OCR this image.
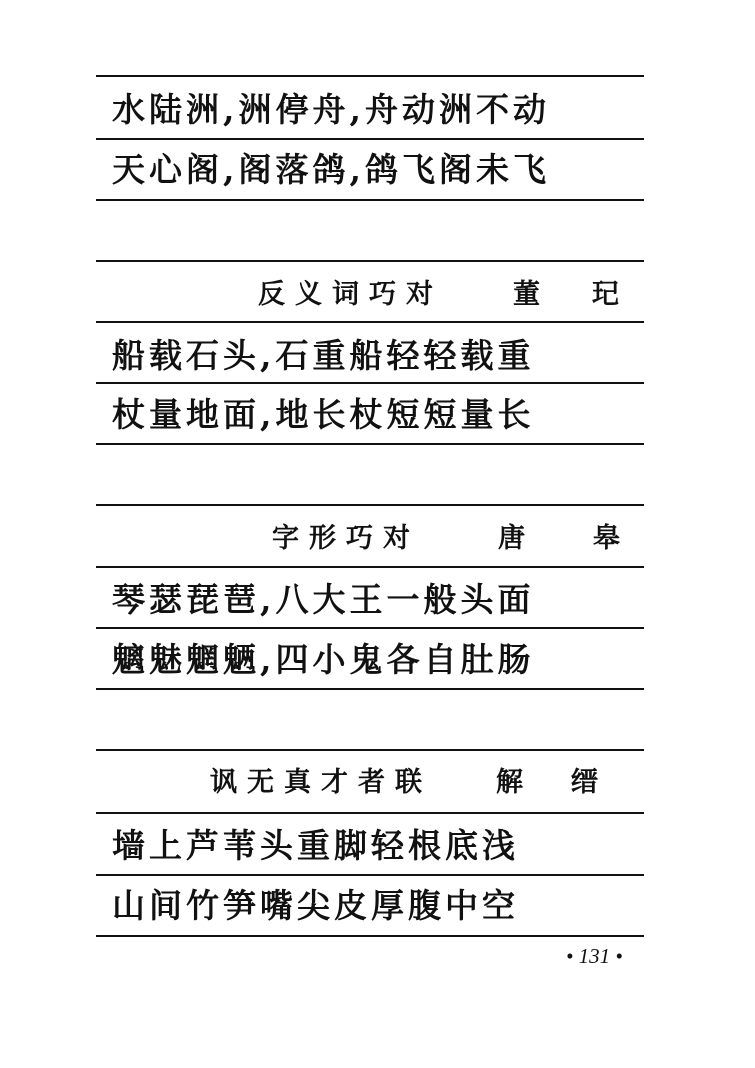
水陆洲,洲停舟,舟动洲不动
天心阁,阁落鸽,鸽飞阁未飞
反义词巧对	董 玘
船载石头,石重船轻轻载重
杖量地面,地长杖短短量长
字形巧对	唐	皋
琴瑟琵琶,八大王一般头面
魑魅魍魉,四小鬼各自肚肠
讽无真才者联 解 缙
墙上芦苇头重脚轻根底浅
山间竹笋嘴尖皮厚腹中空
• 131 •
